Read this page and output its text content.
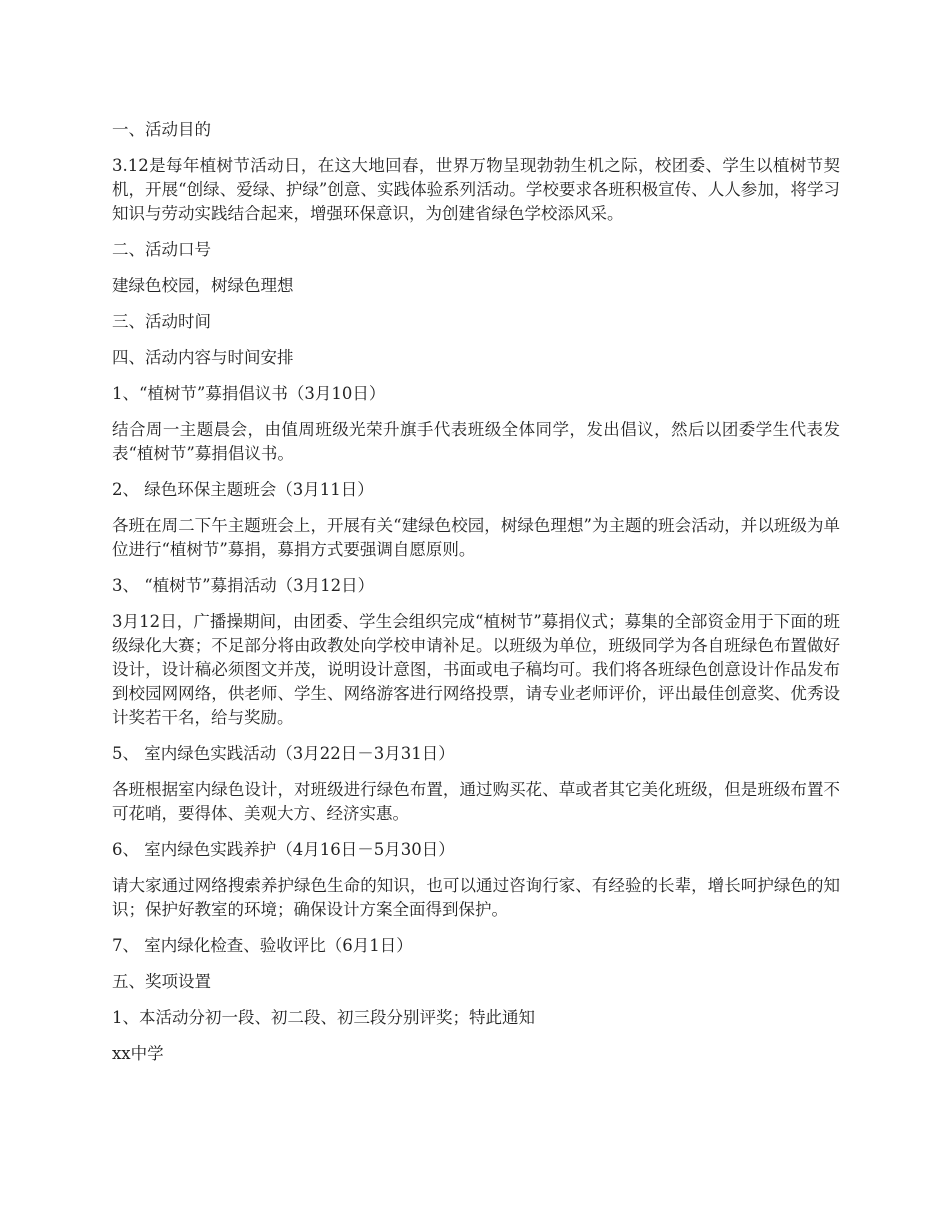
一、活动目的

3.12是每年植树节活动日，在这大地回春，世界万物呈现勃勃生机之际，校团委、学生以植树节契机，开展“创绿、爱绿、护绿”创意、实践体验系列活动。学校要求各班积极宣传、人人参加，将学习知识与劳动实践结合起来，增强环保意识，为创建省绿色学校添风采。

二、活动口号

建绿色校园，树绿色理想

三、活动时间

四、活动内容与时间安排

1、“植树节”募捐倡议书（3月10日）

结合周一主题晨会，由值周班级光荣升旗手代表班级全体同学，发出倡议，然后以团委学生代表发表“植树节”募捐倡议书。

2、 绿色环保主题班会（3月11日）

各班在周二下午主题班会上，开展有关“建绿色校园，树绿色理想”为主题的班会活动，并以班级为单位进行“植树节”募捐，募捐方式要强调自愿原则。

3、 “植树节”募捐活动（3月12日）

3月12日，广播操期间，由团委、学生会组织完成“植树节”募捐仪式；募集的全部资金用于下面的班级绿化大赛；不足部分将由政教处向学校申请补足。以班级为单位，班级同学为各自班绿色布置做好设计，设计稿必须图文并茂，说明设计意图，书面或电子稿均可。我们将各班绿色创意设计作品发布到校园网网络，供老师、学生、网络游客进行网络投票，请专业老师评价，评出最佳创意奖、优秀设计奖若干名，给与奖励。

5、 室内绿色实践活动（3月22日－3月31日）

各班根据室内绿色设计，对班级进行绿色布置，通过购买花、草或者其它美化班级，但是班级布置不可花哨，要得体、美观大方、经济实惠。

6、 室内绿色实践养护（4月16日－5月30日）

请大家通过网络搜索养护绿色生命的知识，也可以通过咨询行家、有经验的长辈，增长呵护绿色的知识；保护好教室的环境；确保设计方案全面得到保护。

7、 室内绿化检查、验收评比（6月1日）

五、奖项设置

1、本活动分初一段、初二段、初三段分别评奖；特此通知

xx中学
